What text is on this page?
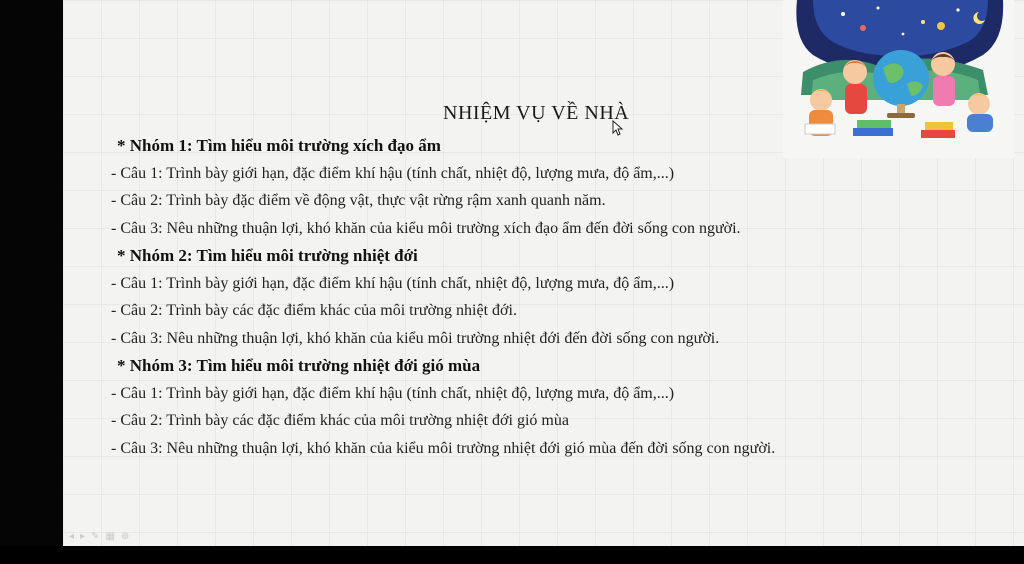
NHIỆM VỤ VỀ NHÀ
* Nhóm 1: Tìm hiểu môi trường xích đạo ẩm
- Câu 1: Trình bày giới hạn, đặc điểm khí hậu (tính chất, nhiệt độ, lượng mưa, độ ẩm,...)
- Câu 2: Trình bày đặc điểm về động vật, thực vật rừng rậm xanh quanh năm.
- Câu 3: Nêu những thuận lợi, khó khăn của kiểu môi trường xích đạo ẩm đến đời sống con người.
* Nhóm 2: Tìm hiểu môi trường nhiệt đới
- Câu 1: Trình bày giới hạn, đặc điểm khí hậu (tính chất, nhiệt độ, lượng mưa, độ ẩm,...)
- Câu 2: Trình bày các đặc điểm khác của môi trường nhiệt đới.
- Câu 3: Nêu những thuận lợi, khó khăn của kiểu môi trường nhiệt đới đến đời sống con người.
* Nhóm 3: Tìm hiểu môi trường nhiệt đới gió mùa
- Câu 1: Trình bày giới hạn, đặc điểm khí hậu (tính chất, nhiệt độ, lượng mưa, độ ẩm,...)
- Câu 2: Trình bày các đặc điểm khác của môi trường nhiệt đới gió mùa
- Câu 3: Nêu những thuận lợi, khó khăn của kiểu môi trường nhiệt đới gió mùa đến đời sống con người.
◂▸✎▦⊕
